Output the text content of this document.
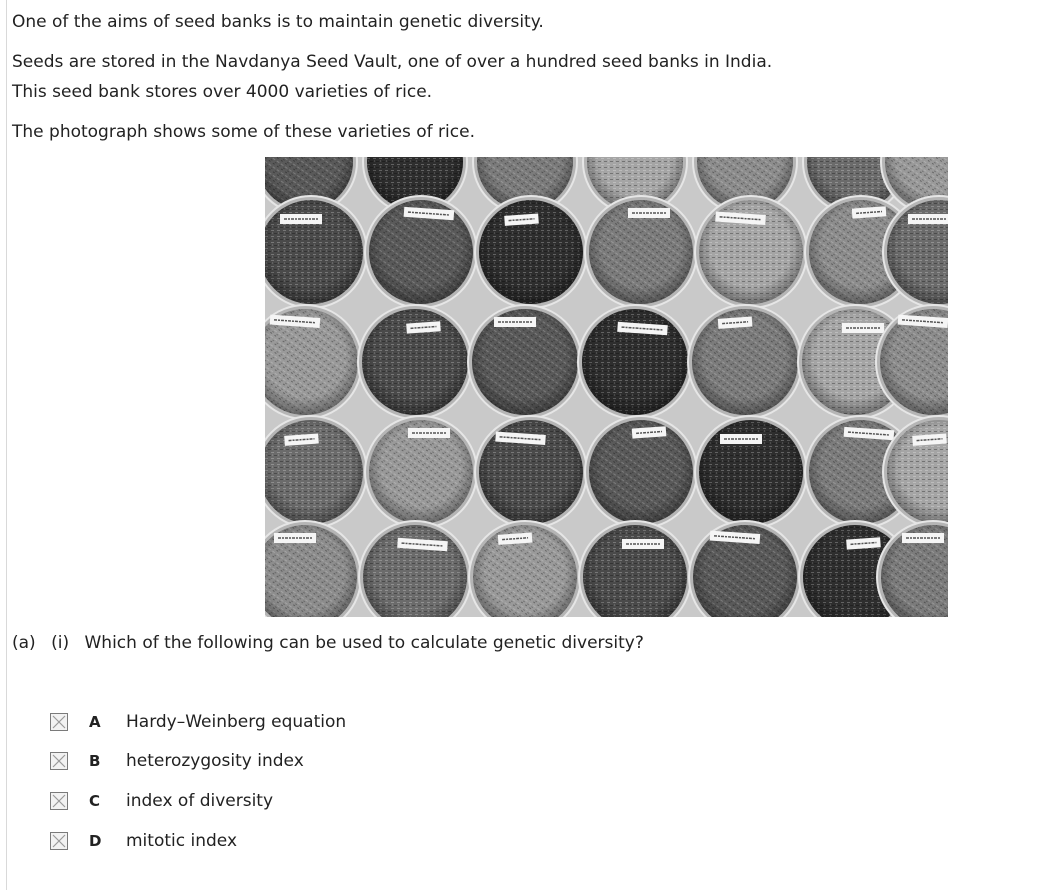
One of the aims of seed banks is to maintain genetic diversity.
Seeds are stored in the Navdanya Seed Vault, one of over a hundred seed banks in India.
This seed bank stores over 4000 varieties of rice.
The photograph shows some of these varieties of rice.
(a) (i) Which of the following can be used to calculate genetic diversity?
A	Hardy–Weinberg equation
B	heterozygosity index
C	index of diversity
D	mitotic index
